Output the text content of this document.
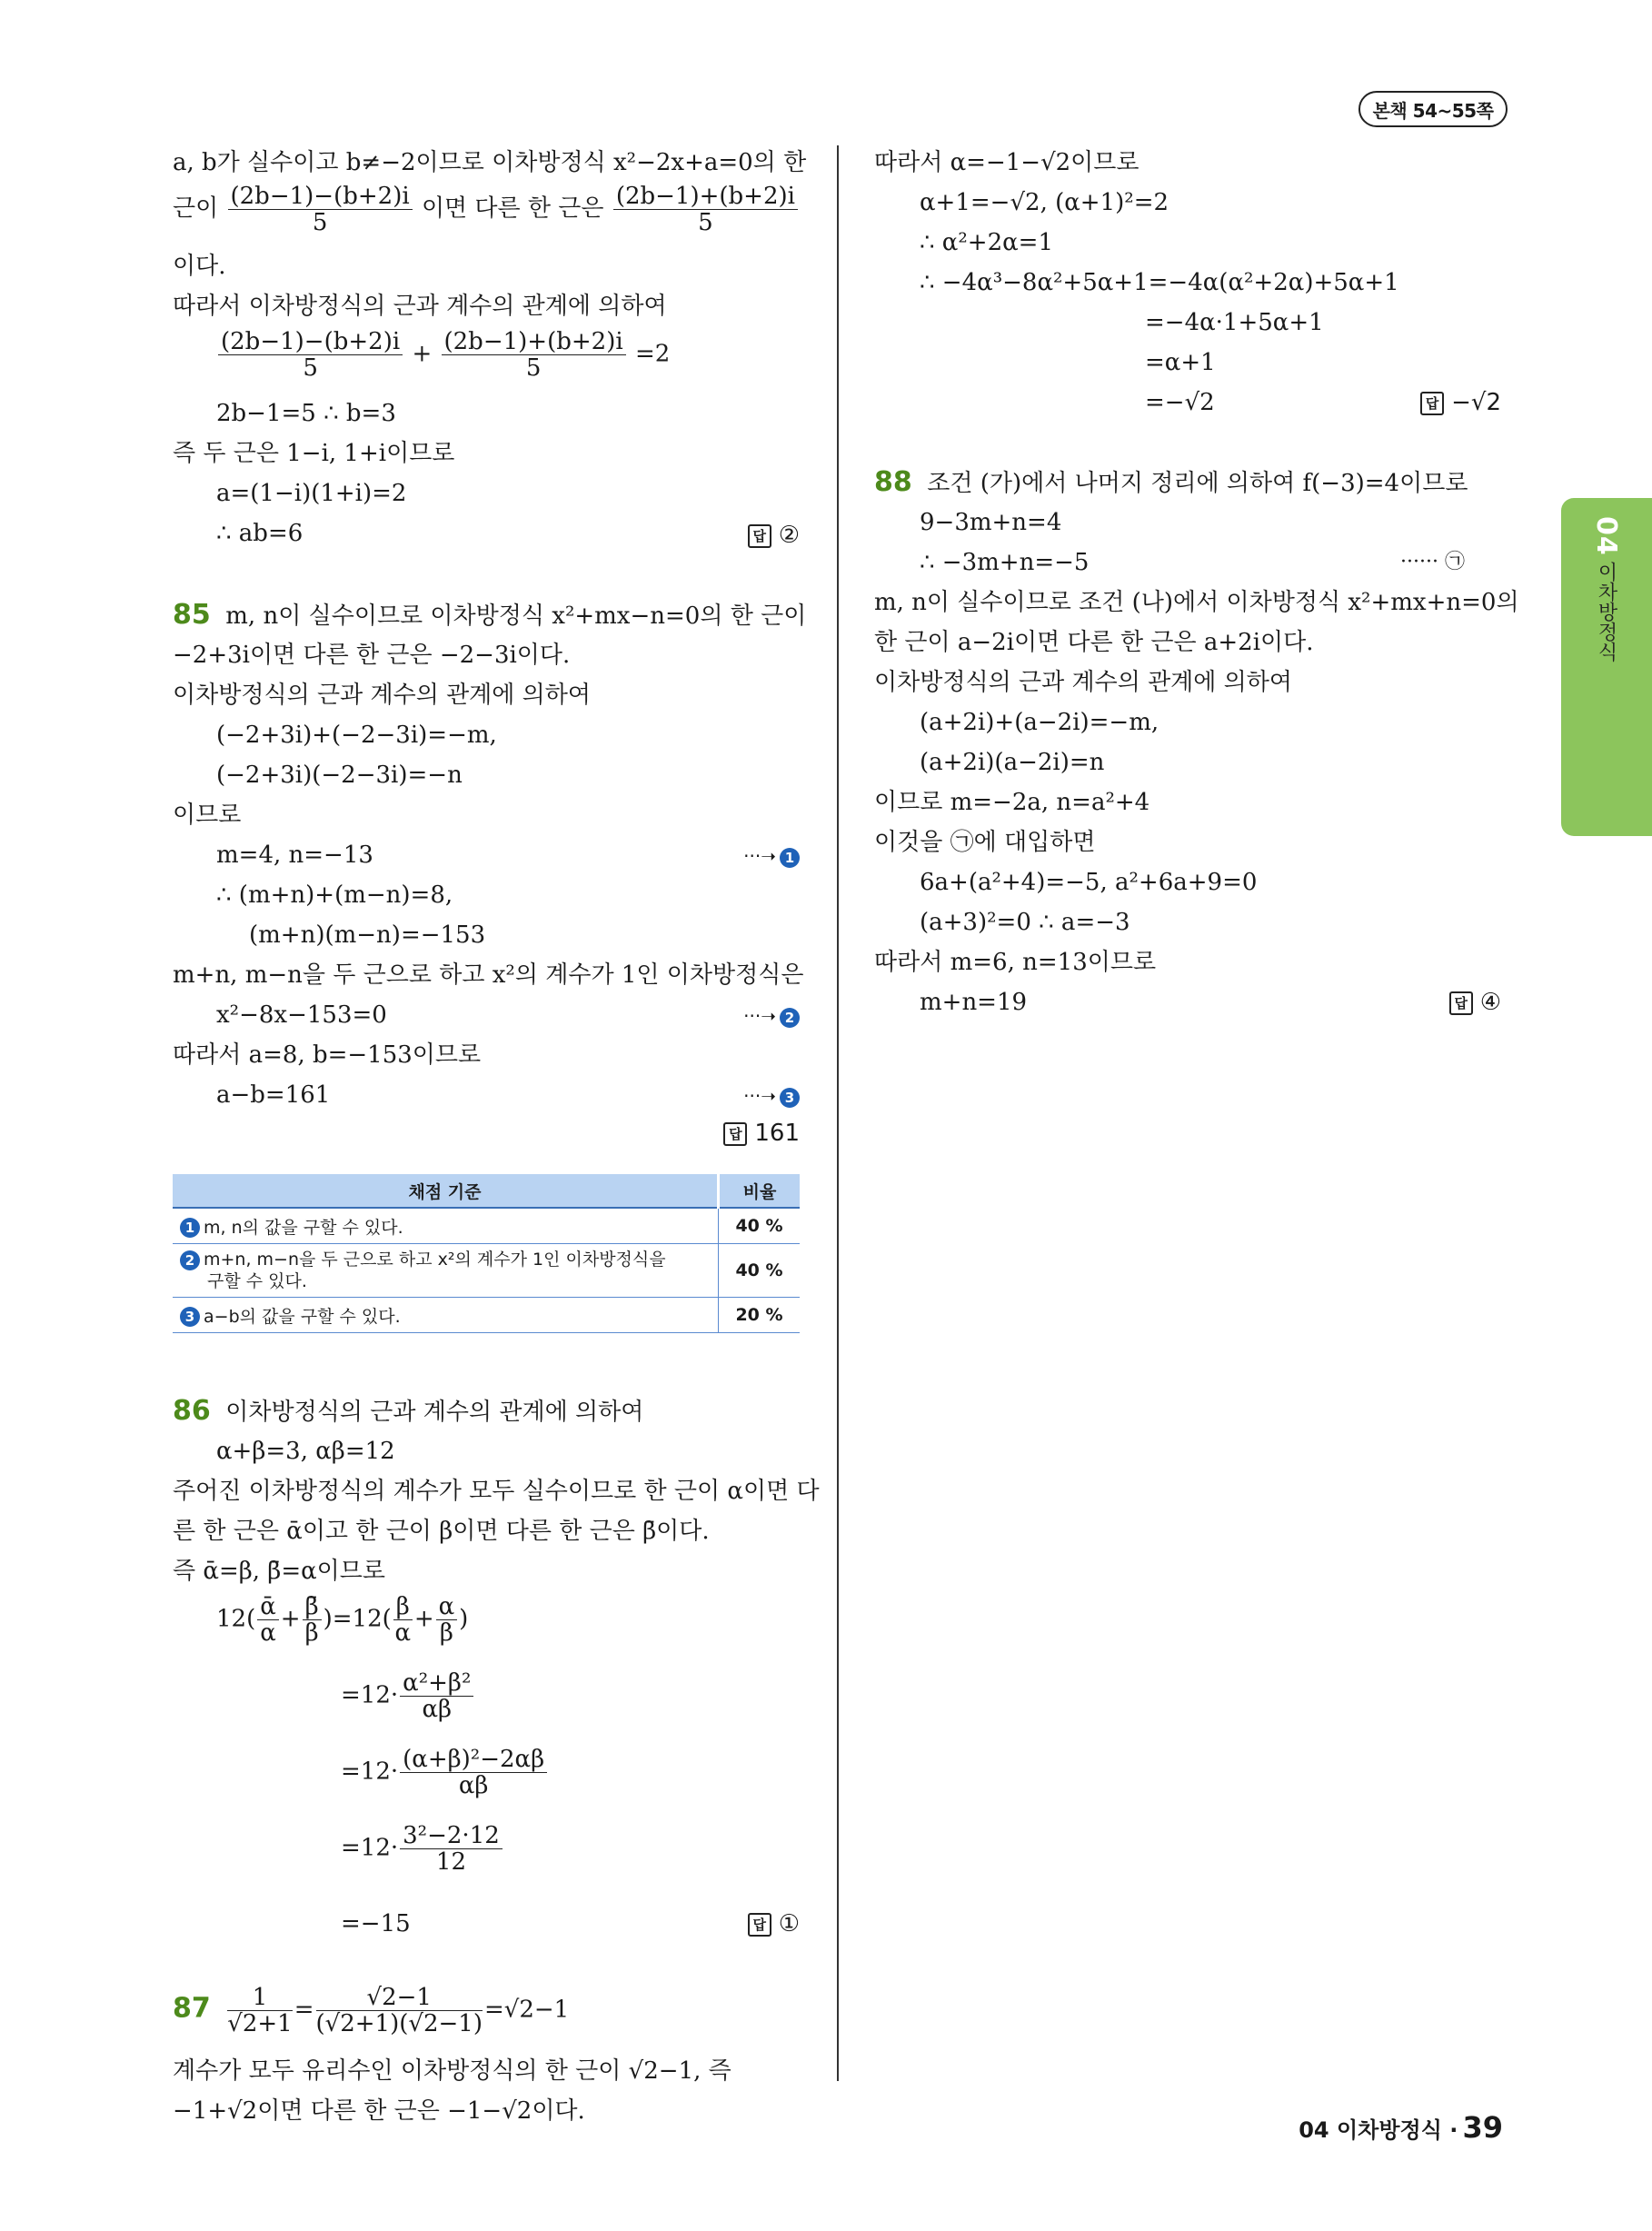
본책 54~55쪽
a, b가 실수이고 b≠−2이므로 이차방정식 x²−2x+a=0의 한
근이 $\frac{(2b-1)-(b+2)i}{5}$ 이면 다른 한 근은 $\frac{(2b-1)+(b+2)i}{5}$
이다.
따라서 이차방정식의 근과 계수의 관계에 의하여
$\frac{(2b-1)-(b+2)i}{5} + \frac{(2b-1)+(b+2)i}{5} =2$
2b−1=5 ∴ b=3
즉 두 근은 1−i, 1+i이므로
a=(1−i)(1+i)=2
∴ ab=6	답 ②
85 m, n이 실수이므로 이차방정식 x²+mx−n=0의 한 근이
−2+3i이면 다른 한 근은 −2−3i이다.
이차방정식의 근과 계수의 관계에 의하여
(−2+3i)+(−2−3i)=−m,
(−2+3i)(−2−3i)=−n
이므로
m=4, n=−13	···➝ 1
∴ (m+n)+(m−n)=8,
(m+n)(m−n)=−153
m+n, m−n을 두 근으로 하고 x²의 계수가 1인 이차방정식은
x²−8x−153=0	···➝ 2
따라서 a=8, b=−153이므로
a−b=161	···➝ 3
답 161
86 이차방정식의 근과 계수의 관계에 의하여
α+β=3, αβ=12
주어진 이차방정식의 계수가 모두 실수이므로 한 근이 α이면 다
른 한 근은 ᾱ이고 한 근이 β이면 다른 한 근은 β̄이다.
즉 ᾱ=β, β̄=α이므로
$12( \frac{\text{ᾱ}}{\alpha} + \frac{\betā}{\beta} )=12( \frac{\beta}{\alpha} + \frac{\alpha}{\beta}$ )
$=12\cdot \frac{\text{α²+β²}}{\alpha\beta}$
$=12\cdot \frac{\text{(α+β)²−2αβ}}{\alpha\beta}$
$=12\cdot \frac{\text{3²−2·12}}{12}$
=−15	답 ①
$87 \frac{1}{√2+1} = \frac{√2-1}{(√2+1)(√2-1)} =√2-1$
계수가 모두 유리수인 이차방정식의 한 근이 √2−1, 즉
−1+√2이면 다른 한 근은 −1−√2이다.
채점 기준	비율
1 m, n의 값을 구할 수 있다.	40 %
2 m+n, m−n을 두 근으로 하고 x²의 계수가 1인 이차방정식을
구할 수 있다.	40 %
3 a−b의 값을 구할 수 있다.	20 %
따라서 α=−1−√2이므로
α+1=−√2, (α+1)²=2
∴ α²+2α=1
∴ −4α³−8α²+5α+1=−4α(α²+2α)+5α+1
=−4α·1+5α+1
=α+1
=−√2	답 −√2
88 조건 (가)에서 나머지 정리에 의하여 f(−3)=4이므로
9−3m+n=4
∴ −3m+n=−5	······ ㉠
m, n이 실수이므로 조건 (나)에서 이차방정식 x²+mx+n=0의
한 근이 a−2i이면 다른 한 근은 a+2i이다.
이차방정식의 근과 계수의 관계에 의하여
(a+2i)+(a−2i)=−m,
(a+2i)(a−2i)=n
이므로 m=−2a, n=a²+4
이것을 ㉠에 대입하면
6a+(a²+4)=−5, a²+6a+9=0
(a+3)²=0 ∴ a=−3
따라서 m=6, n=13이므로
m+n=19	답 ④
04
이차방정식
04 이차방정식 · 39
